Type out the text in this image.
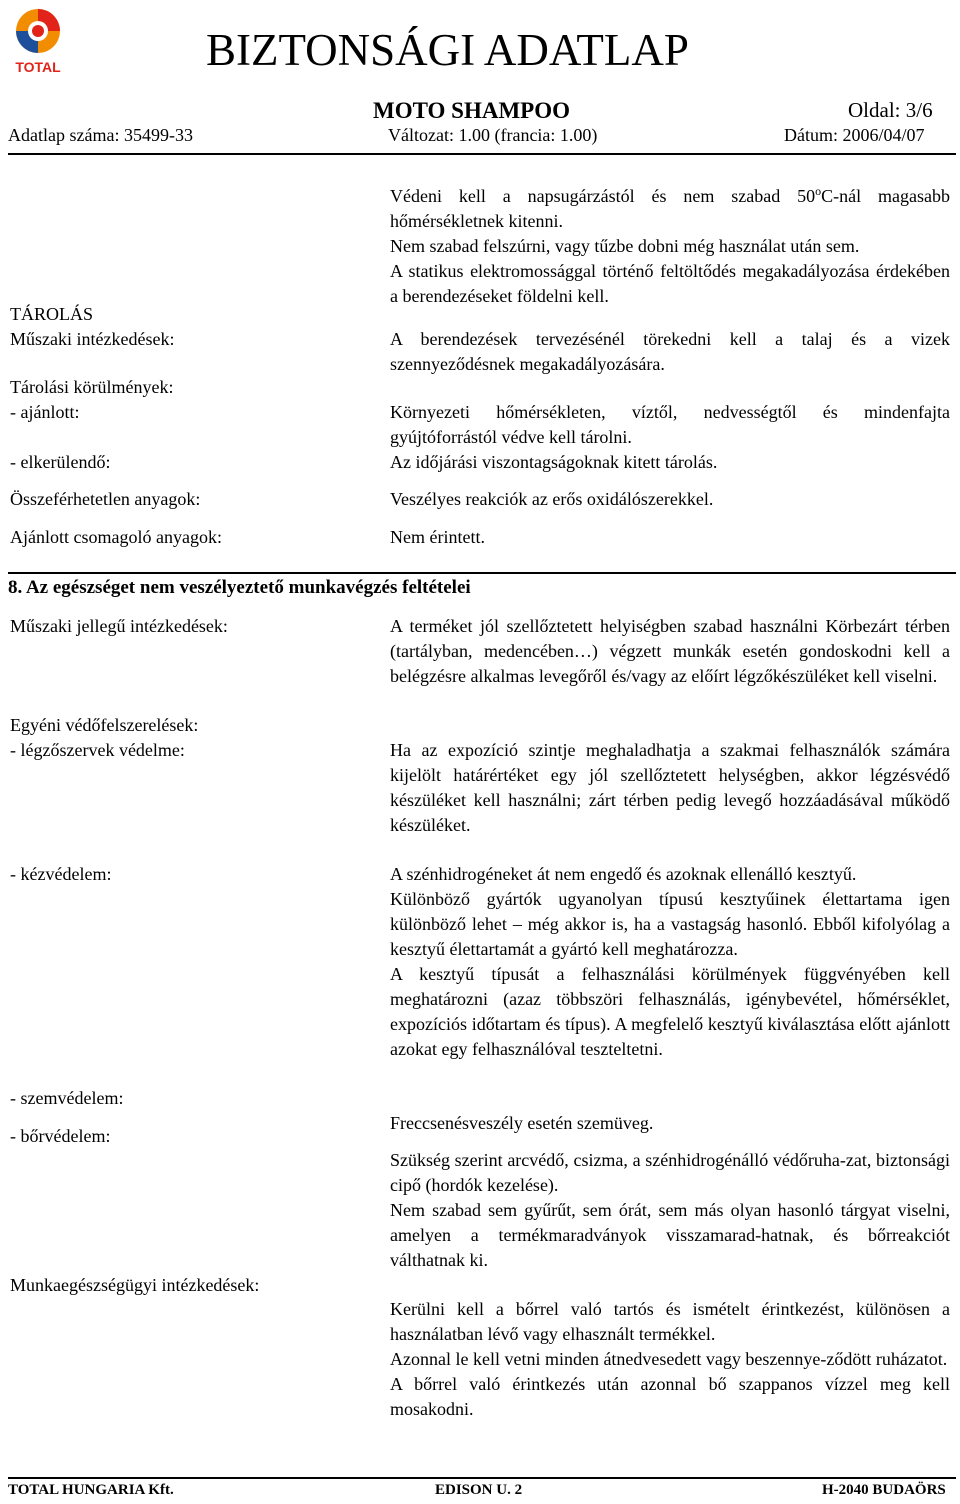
TOTAL	BIZTONSÁGI ADATLAP
MOTO SHAMPOO	Oldal: 3/6
Adatlap száma: 35499-33	Változat: 1.00 (francia: 1.00)	Dátum: 2006/04/07

Védeni kell a napsugárzástól és nem szabad 50$^o$C-nál magasabb hőmérsékletnek kitenni.

Nem szabad felszúrni, vagy tűzbe dobni még használat után sem.

A statikus elektromossággal történő feltöltődés megakadályozása érdekében a berendezéseket földelni kell.

TÁROLÁS
Műszaki intézkedések:	A berendezések tervezésénél törekedni kell a talaj és a vizek szennyeződésnek megakadályozására.
Tárolási körülmények:
- ajánlott:	Környezeti hőmérsékleten, víztől, nedvességtől és mindenfajta gyújtóforrástól védve kell tárolni.
- elkerülendő:	Az időjárási viszontagságoknak kitett tárolás.
Összeférhetetlen anyagok:	Veszélyes reakciók az erős oxidálószerekkel.
Ajánlott csomagoló anyagok:	Nem érintett.
8. Az egészséget nem veszélyeztető munkavégzés feltételei
Műszaki jellegű intézkedések:	A terméket jól szellőztetett helyiségben szabad használni Körbezárt térben (tartályban, medencében…) végzett munkák esetén gondoskodni kell a belégzésre alkalmas levegőről és/vagy az előírt légzőkészüléket kell viselni.
Egyéni védőfelszerelések:
- légzőszervek védelme:	Ha az expozíció szintje meghaladhatja a szakmai felhasználók számára kijelölt határértéket egy jól szellőztetett helységben, akkor légzésvédő készüléket kell használni; zárt térben pedig levegő hozzáadásával működő készüléket.
- kézvédelem:	A szénhidrogéneket át nem engedő és azoknak ellenálló kesztyű.

Különböző gyártók ugyanolyan típusú kesztyűinek élettartama igen különböző lehet – még akkor is, ha a vastagság hasonló. Ebből kifolyólag a kesztyű élettartamát a gyártó kell meghatározza.

A kesztyű típusát a felhasználási körülmények függvényében kell meghatározni (azaz többszöri felhasználás, igénybevétel, hőmérséklet, expozíciós időtartam és típus). A megfelelő kesztyű kiválasztása előtt ajánlott azokat egy felhasználóval teszteltetni.

- szemvédelem:
Freccsenésveszély esetén szemüveg.
- bőrvédelem:

Szükség szerint arcvédő, csizma, a szénhidrogénálló védőruha-zat, biztonsági cipő (hordók kezelése).

Nem szabad sem gyűrűt, sem órát, sem más olyan hasonló tárgyat viselni, amelyen a termékmaradványok visszamarad-hatnak, és bőrreakciót válthatnak ki.

Munkaegészségügyi intézkedések:

Kerülni kell a bőrrel való tartós és ismételt érintkezést, különösen a használatban lévő vagy elhasznált termékkel.

Azonnal le kell vetni minden átnedvesedett vagy beszennye-ződött ruházatot.

A bőrrel való érintkezés után azonnal bő szappanos vízzel meg kell mosakodni.

TOTAL HUNGARIA Kft.	EDISON U. 2	H-2040 BUDAÖRS
